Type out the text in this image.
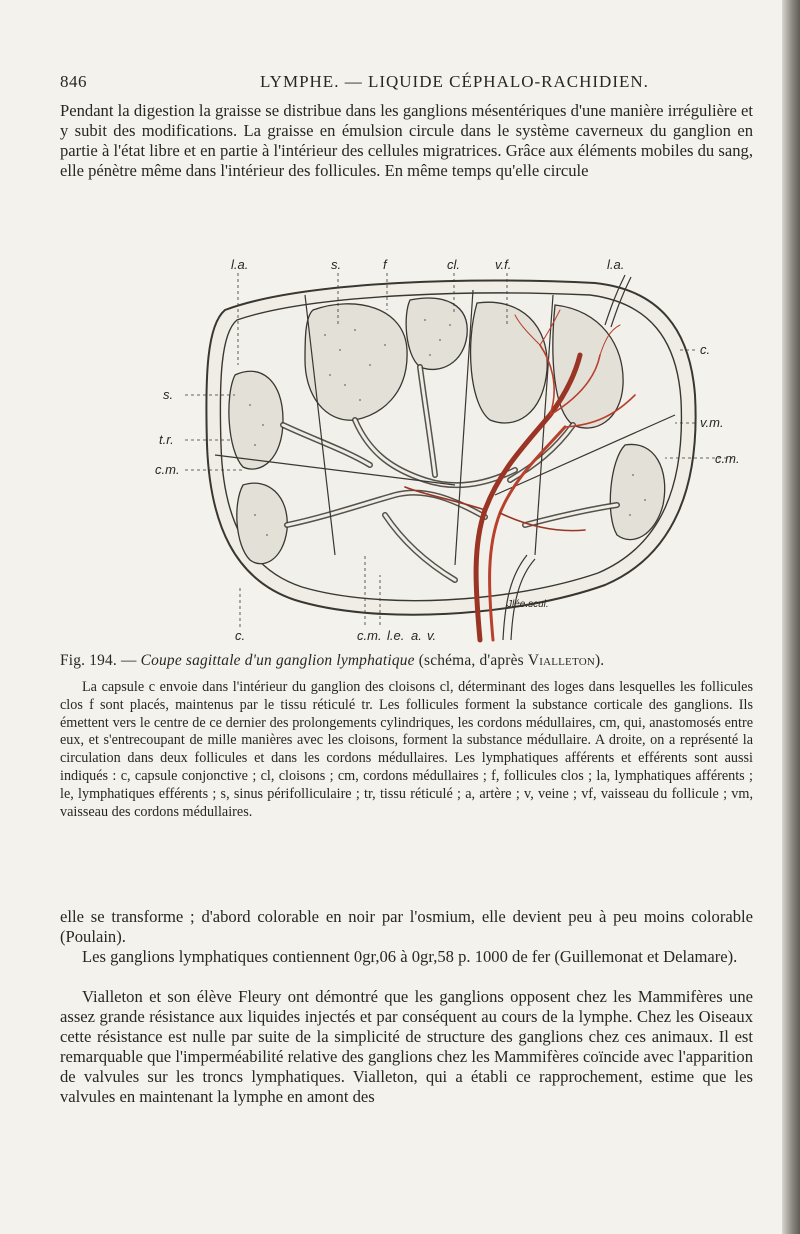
846	LYMPHE. — LIQUIDE CÉPHALO-RACHIDIEN.

Pendant la digestion la graisse se distribue dans les ganglions mésentériques d'une manière irrégulière et y subit des modifications. La graisse en émulsion circule dans le système caverneux du ganglion en partie à l'état libre et en partie à l'intérieur des cellules migratrices. Grâce aux éléments mobiles du sang, elle pénètre même dans l'intérieur des follicules. En même temps qu'elle circule

l.a.	s.	f	cl.	v.f.	l.a.
c.
s.
t.r.
c.m.
v.m.
c.m.
c.	c.m. l.e. a. v.
Jlée.scul.

Fig. 194. — Coupe sagittale d'un ganglion lymphatique (schéma, d'après Vialleton).

La capsule c envoie dans l'intérieur du ganglion des cloisons cl, déterminant des loges dans lesquelles les follicules clos f sont placés, maintenus par le tissu réticulé tr. Les follicules forment la substance corticale des ganglions. Ils émettent vers le centre de ce dernier des prolongements cylindriques, les cordons médullaires, cm, qui, anastomosés entre eux, et s'entrecoupant de mille manières avec les cloisons, forment la substance médullaire. A droite, on a représenté la circulation dans deux follicules et dans les cordons médullaires. Les lymphatiques afférents et efférents sont aussi indiqués : c, capsule conjonctive ; cl, cloisons ; cm, cordons médullaires ; f, follicules clos ; la, lymphatiques afférents ; le, lymphatiques efférents ; s, sinus périfolliculaire ; tr, tissu réticulé ; a, artère ; v, veine ; vf, vaisseau du follicule ; vm, vaisseau des cordons médullaires.

elle se transforme ; d'abord colorable en noir par l'osmium, elle devient peu à peu moins colorable (Poulain).

Les ganglions lymphatiques contiennent 0gr,06 à 0gr,58 p. 1000 de fer (Guillemonat et Delamare).

Vialleton et son élève Fleury ont démontré que les ganglions opposent chez les Mammifères une assez grande résistance aux liquides injectés et par conséquent au cours de la lymphe. Chez les Oiseaux cette résistance est nulle par suite de la simplicité de structure des ganglions chez ces animaux. Il est remarquable que l'imperméabilité relative des ganglions chez les Mammifères coïncide avec l'apparition de valvules sur les troncs lymphatiques. Vialleton, qui a établi ce rapprochement, estime que les valvules en maintenant la lymphe en amont des
